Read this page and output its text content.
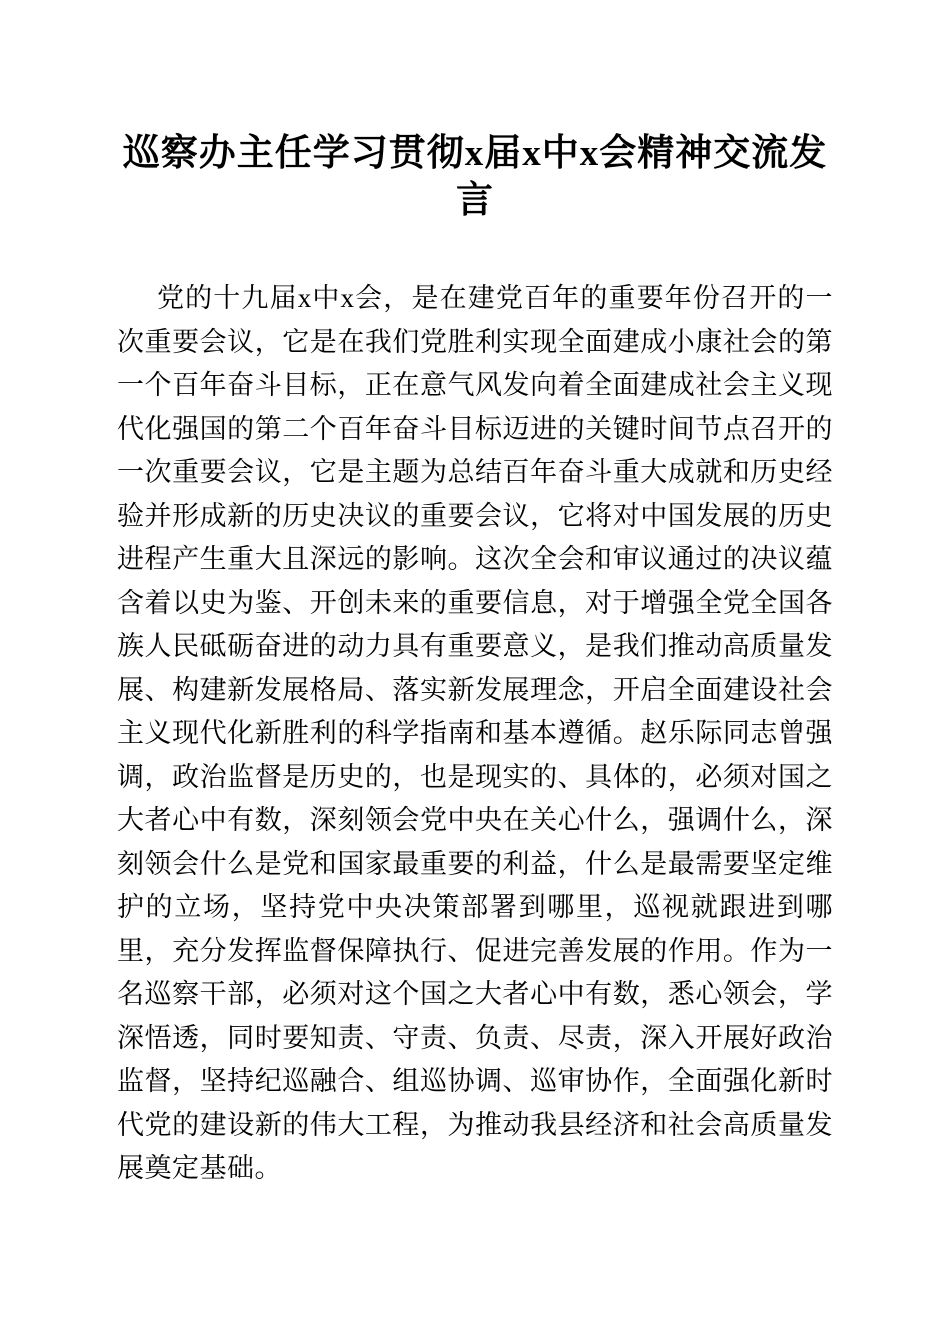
巡察办主任学习贯彻x届x中x会精神交流发
言

党的十九届x中x会，是在建党百年的重要年份召开的一次重要会议，它是在我们党胜利实现全面建成小康社会的第一个百年奋斗目标，正在意气风发向着全面建成社会主义现代化强国的第二个百年奋斗目标迈进的关键时间节点召开的一次重要会议，它是主题为总结百年奋斗重大成就和历史经验并形成新的历史决议的重要会议，它将对中国发展的历史进程产生重大且深远的影响。这次全会和审议通过的决议蕴含着以史为鉴、开创未来的重要信息，对于增强全党全国各族人民砥砺奋进的动力具有重要意义，是我们推动高质量发展、构建新发展格局、落实新发展理念，开启全面建设社会主义现代化新胜利的科学指南和基本遵循。赵乐际同志曾强调，政治监督是历史的，也是现实的、具体的，必须对国之大者心中有数，深刻领会党中央在关心什么，强调什么，深刻领会什么是党和国家最重要的利益，什么是最需要坚定维护的立场，坚持党中央决策部署到哪里，巡视就跟进到哪里，充分发挥监督保障执行、促进完善发展的作用。作为一名巡察干部，必须对这个国之大者心中有数，悉心领会，学深悟透，同时要知责、守责、负责、尽责，深入开展好政治监督，坚持纪巡融合、组巡协调、巡审协作，全面强化新时代党的建设新的伟大工程，为推动我县经济和社会高质量发展奠定基础。
